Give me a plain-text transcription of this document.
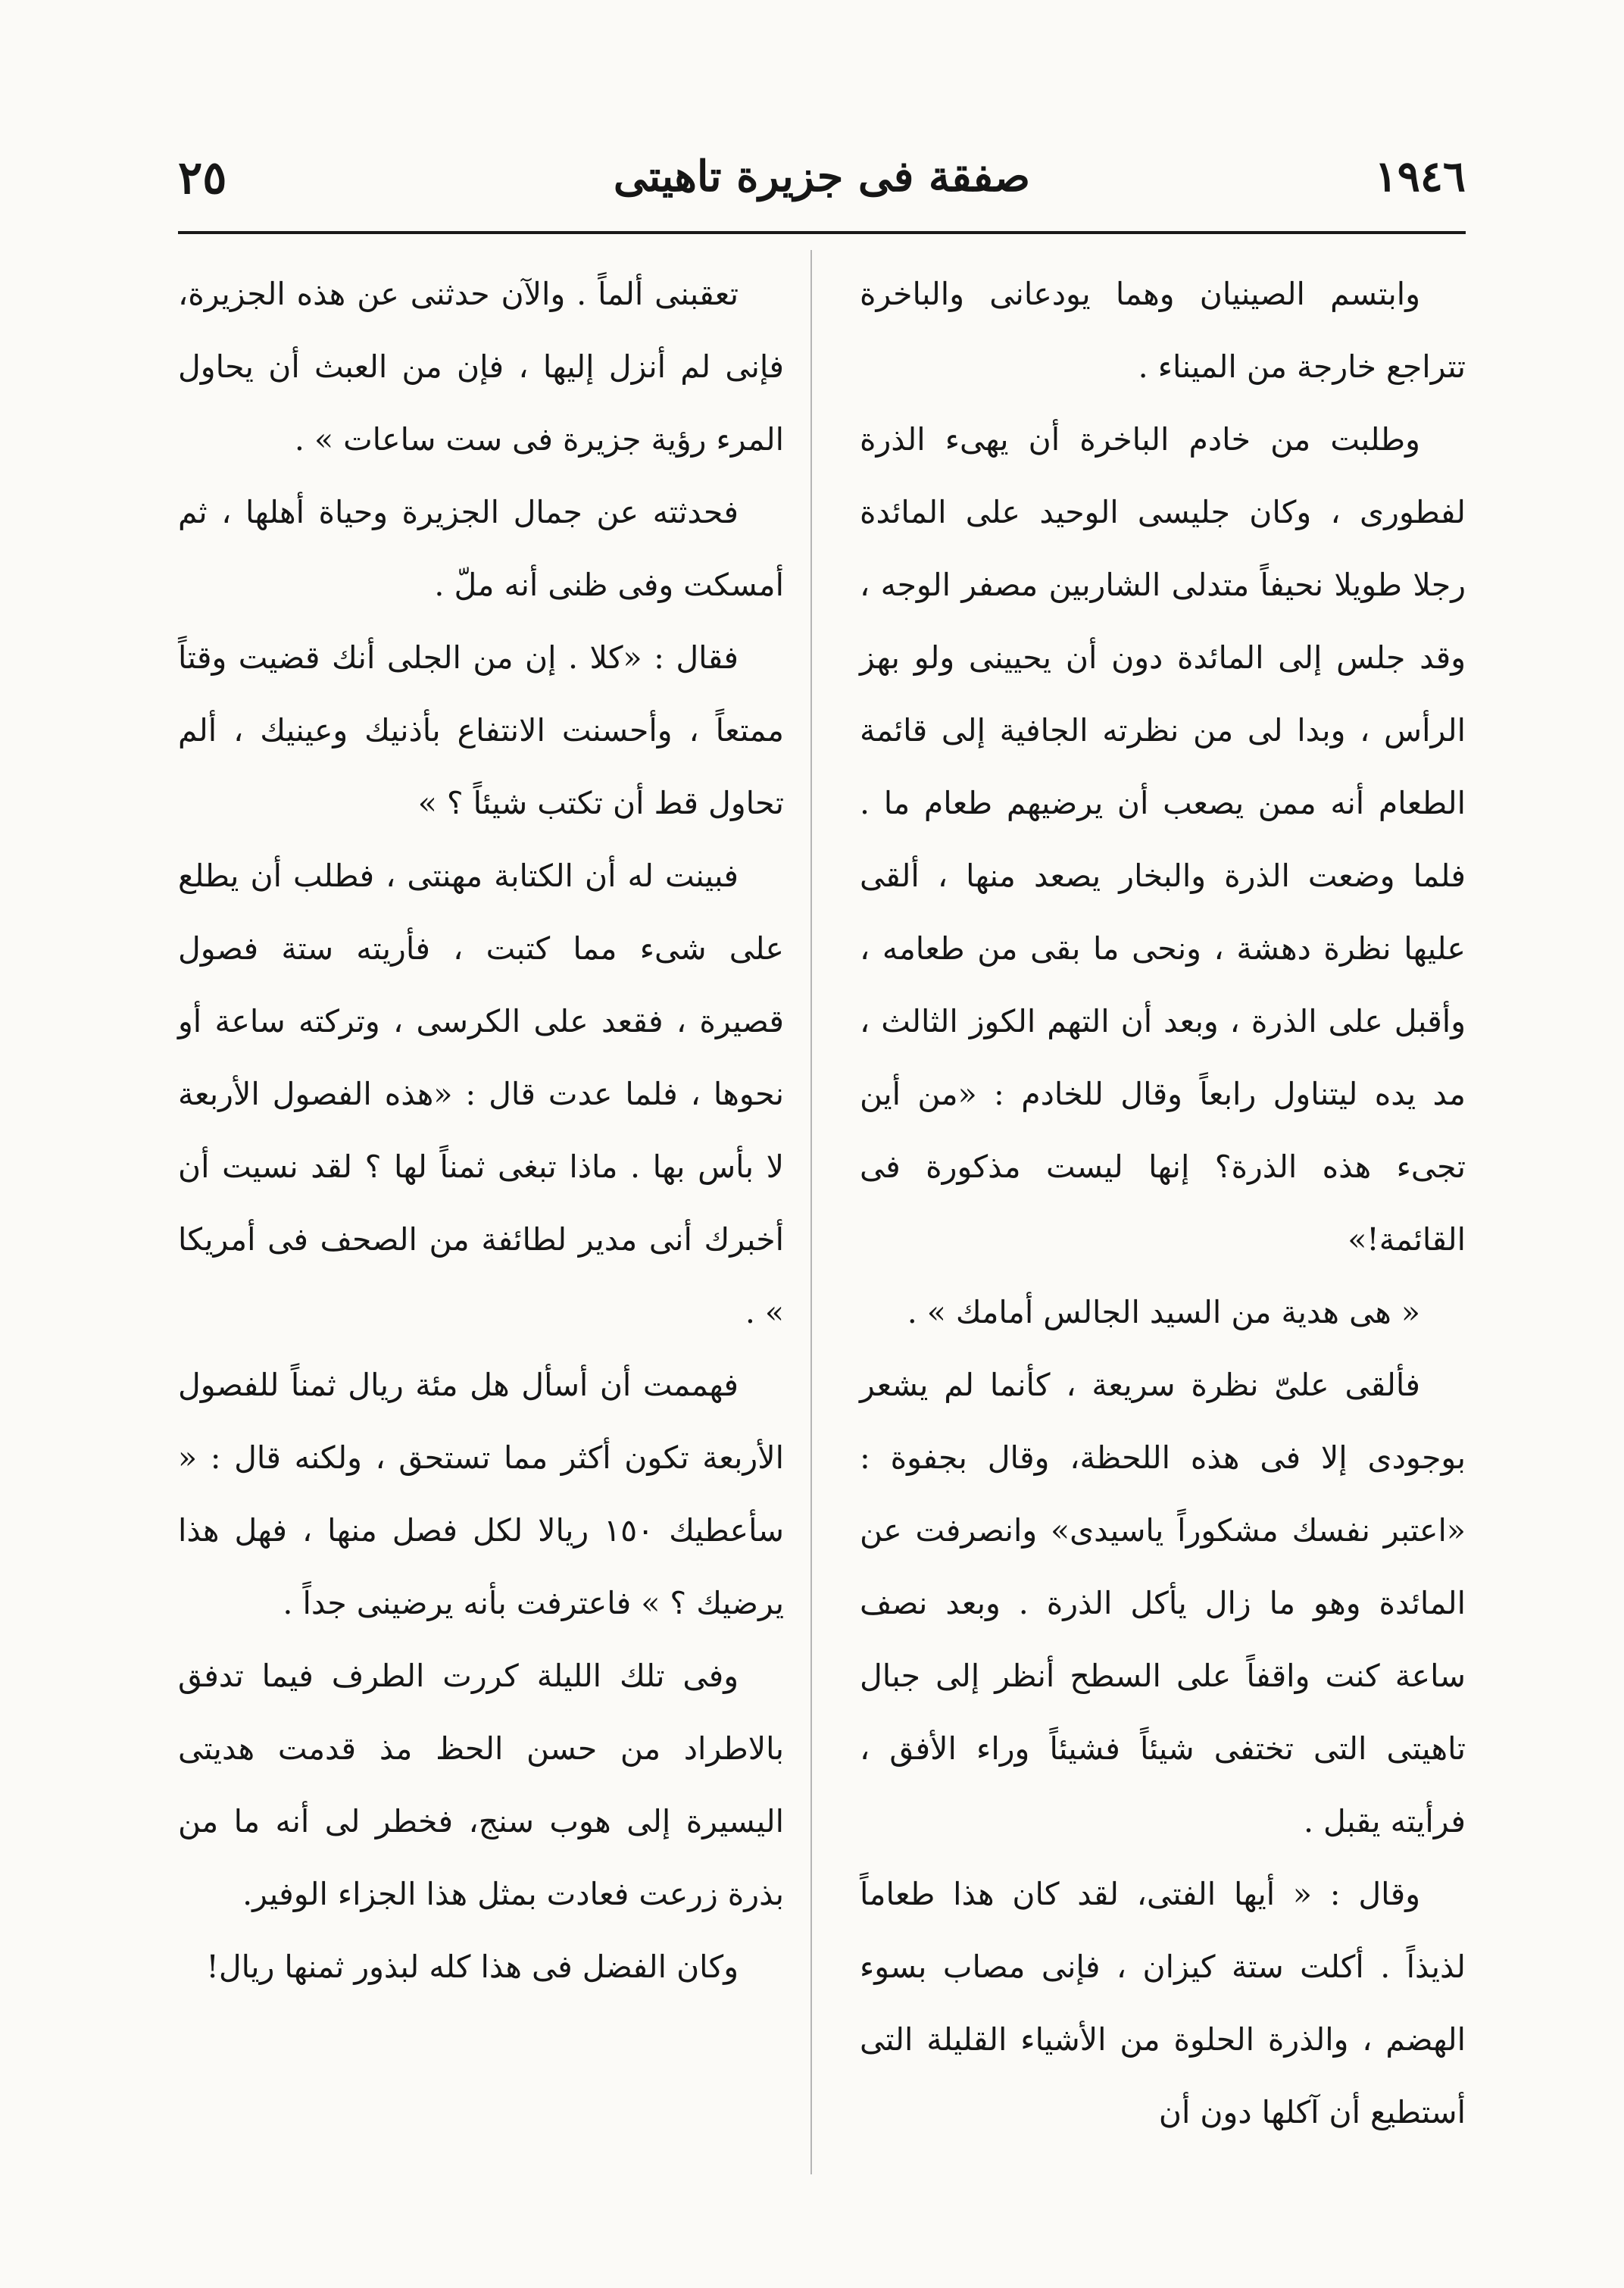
١٩٤٦
صفقة فى جزيرة تاهيتى
٢٥

وابتسم الصينيان وهما يودعانى والباخرة تتراجع خارجة من الميناء .

وطلبت من خادم الباخرة أن يهىء الذرة لفطورى ، وكان جليسى الوحيد على المائدة رجلا طويلا نحيفاً متدلى الشاربين مصفر الوجه ، وقد جلس إلى المائدة دون أن يحيينى ولو بهز الرأس ، وبدا لى من نظرته الجافية إلى قائمة الطعام أنه ممن يصعب أن يرضيهم طعام ما . فلما وضعت الذرة والبخار يصعد منها ، ألقى عليها نظرة دهشة ، ونحى ما بقى من طعامه ، وأقبل على الذرة ، وبعد أن التهم الكوز الثالث ، مد يده ليتناول رابعاً وقال للخادم : «من أين تجىء هذه الذرة؟ إنها ليست مذكورة فى القائمة!»

« هى هدية من السيد الجالس أمامك » .

فألقى علىّ نظرة سريعة ، كأنما لم يشعر بوجودى إلا فى هذه اللحظة، وقال بجفوة : «اعتبر نفسك مشكوراً ياسيدى» وانصرفت عن المائدة وهو ما زال يأكل الذرة . وبعد نصف ساعة كنت واقفاً على السطح أنظر إلى جبال تاهيتى التى تختفى شيئاً فشيئاً وراء الأفق ، فرأيته يقبل .

وقال : « أيها الفتى، لقد كان هذا طعاماً لذيذاً . أكلت ستة كيزان ، فإنى مصاب بسوء الهضم ، والذرة الحلوة من الأشياء القليلة التى أستطيع أن آكلها دون أن

تعقبنى ألماً . والآن حدثنى عن هذه الجزيرة، فإنى لم أنزل إليها ، فإن من العبث أن يحاول المرء رؤية جزيرة فى ست ساعات » .

فحدثته عن جمال الجزيرة وحياة أهلها ، ثم أمسكت وفى ظنى أنه ملّ .

فقال : «كلا . إن من الجلى أنك قضيت وقتاً ممتعاً ، وأحسنت الانتفاع بأذنيك وعينيك ، ألم تحاول قط أن تكتب شيئاً ؟ »

فبينت له أن الكتابة مهنتى ، فطلب أن يطلع على شىء مما كتبت ، فأريته ستة فصول قصيرة ، فقعد على الكرسى ، وتركته ساعة أو نحوها ، فلما عدت قال : «هذه الفصول الأربعة لا بأس بها . ماذا تبغى ثمناً لها ؟ لقد نسيت أن أخبرك أنى مدير لطائفة من الصحف فى أمريكا » .

فهممت أن أسأل هل مئة ريال ثمناً للفصول الأربعة تكون أكثر مما تستحق ، ولكنه قال : « سأعطيك ١٥٠ ريالا لكل فصل منها ، فهل هذا يرضيك ؟ » فاعترفت بأنه يرضينى جداً .

وفى تلك الليلة كررت الطرف فيما تدفق بالاطراد من حسن الحظ مذ قدمت هديتى اليسيرة إلى هوب سنج، فخطر لى أنه ما من بذرة زرعت فعادت بمثل هذا الجزاء الوفير.

وكان الفضل فى هذا كله لبذور ثمنها ريال!
